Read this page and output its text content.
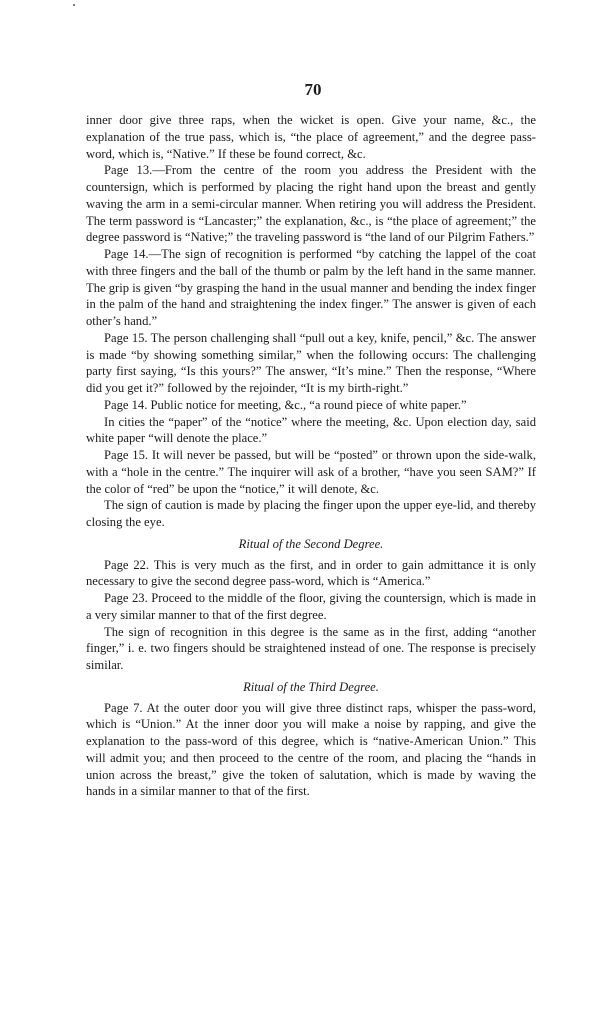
70

inner door give three raps, when the wicket is open. Give your name, &c., the explanation of the true pass, which is, “the place of agreement,” and the degree pass-word, which is, “Native.” If these be found correct, &c.

Page 13.—From the centre of the room you address the President with the countersign, which is performed by placing the right hand upon the breast and gently waving the arm in a semi-circular manner. When retiring you will address the President. The term password is “Lancaster;” the explanation, &c., is “the place of agreement;” the degree password is “Native;” the traveling password is “the land of our Pilgrim Fathers.”

Page 14.—The sign of recognition is performed “by catching the lappel of the coat with three fingers and the ball of the thumb or palm by the left hand in the same manner. The grip is given “by grasping the hand in the usual manner and bending the index finger in the palm of the hand and straightening the index finger.” The answer is given of each other’s hand.”

Page 15. The person challenging shall “pull out a key, knife, pencil,” &c. The answer is made “by showing something similar,” when the following occurs: The challenging party first saying, “Is this yours?” The answer, “It’s mine.” Then the response, “Where did you get it?” followed by the rejoinder, “It is my birth-right.”

Page 14. Public notice for meeting, &c., “a round piece of white paper.”

In cities the “paper” of the “notice” where the meeting, &c. Upon election day, said white paper “will denote the place.”

Page 15. It will never be passed, but will be “posted” or thrown upon the side-walk, with a “hole in the centre.” The inquirer will ask of a brother, “have you seen SAM?” If the color of “red” be upon the “notice,” it will denote, &c.

The sign of caution is made by placing the finger upon the upper eye-lid, and thereby closing the eye.

Ritual of the Second Degree.

Page 22. This is very much as the first, and in order to gain admittance it is only necessary to give the second degree pass-word, which is “America.”

Page 23. Proceed to the middle of the floor, giving the countersign, which is made in a very similar manner to that of the first degree.

The sign of recognition in this degree is the same as in the first, adding “another finger,” i. e. two fingers should be straightened instead of one. The response is precisely similar.

Ritual of the Third Degree.

Page 7. At the outer door you will give three distinct raps, whisper the pass-word, which is “Union.” At the inner door you will make a noise by rapping, and give the explanation to the pass-word of this degree, which is “native-American Union.” This will admit you; and then proceed to the centre of the room, and placing the “hands in union across the breast,” give the token of salutation, which is made by waving the hands in a similar manner to that of the first.
